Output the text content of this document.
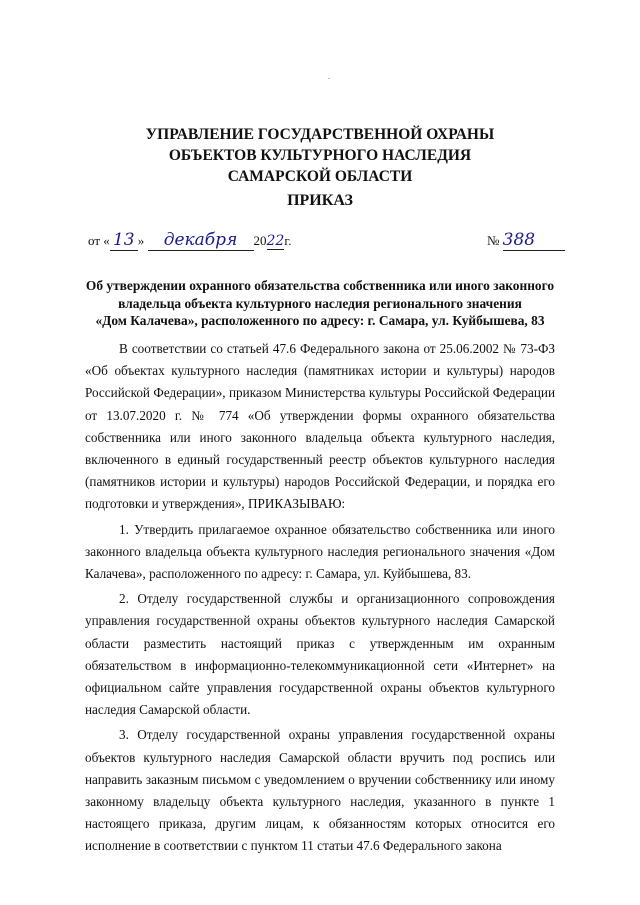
УПРАВЛЕНИЕ ГОСУДАРСТВЕННОЙ ОХРАНЫ
ОБЪЕКТОВ КУЛЬТУРНОГО НАСЛЕДИЯ
САМАРСКОЙ ОБЛАСТИ
ПРИКАЗ
от « 13 » декабря 2022г.	№ 388
Об утверждении охранного обязательства собственника или иного законного
владельца объекта культурного наследия регионального значения
«Дом Калачева», расположенного по адресу: г. Самара, ул. Куйбышева, 83

В соответствии со статьей 47.6 Федерального закона от 25.06.2002 № 73-ФЗ «Об объектах культурного наследия (памятниках истории и культуры) народов Российской Федерации», приказом Министерства культуры Российской Федерации от 13.07.2020 г. № 774 «Об утверждении формы охранного обязательства собственника или иного законного владельца объекта культурного наследия, включенного в единый государственный реестр объектов культурного наследия (памятников истории и культуры) народов Российской Федерации, и порядка его подготовки и утверждения», ПРИКАЗЫВАЮ:

1. Утвердить прилагаемое охранное обязательство собственника или иного законного владельца объекта культурного наследия регионального значения «Дом Калачева», расположенного по адресу: г. Самара, ул. Куйбышева, 83.

2. Отделу государственной службы и организационного сопровождения управления государственной охраны объектов культурного наследия Самарской области разместить настоящий приказ с утвержденным им охранным обязательством в информационно-телекоммуникационной сети «Интернет» на официальном сайте управления государственной охраны объектов культурного наследия Самарской области.

3. Отделу государственной охраны управления государственной охраны объектов культурного наследия Самарской области вручить под роспись или направить заказным письмом с уведомлением о вручении собственнику или иному законному владельцу объекта культурного наследия, указанного в пункте 1 настоящего приказа, другим лицам, к обязанностям которых относится его исполнение в соответствии с пунктом 11 статьи 47.6 Федерального закона
